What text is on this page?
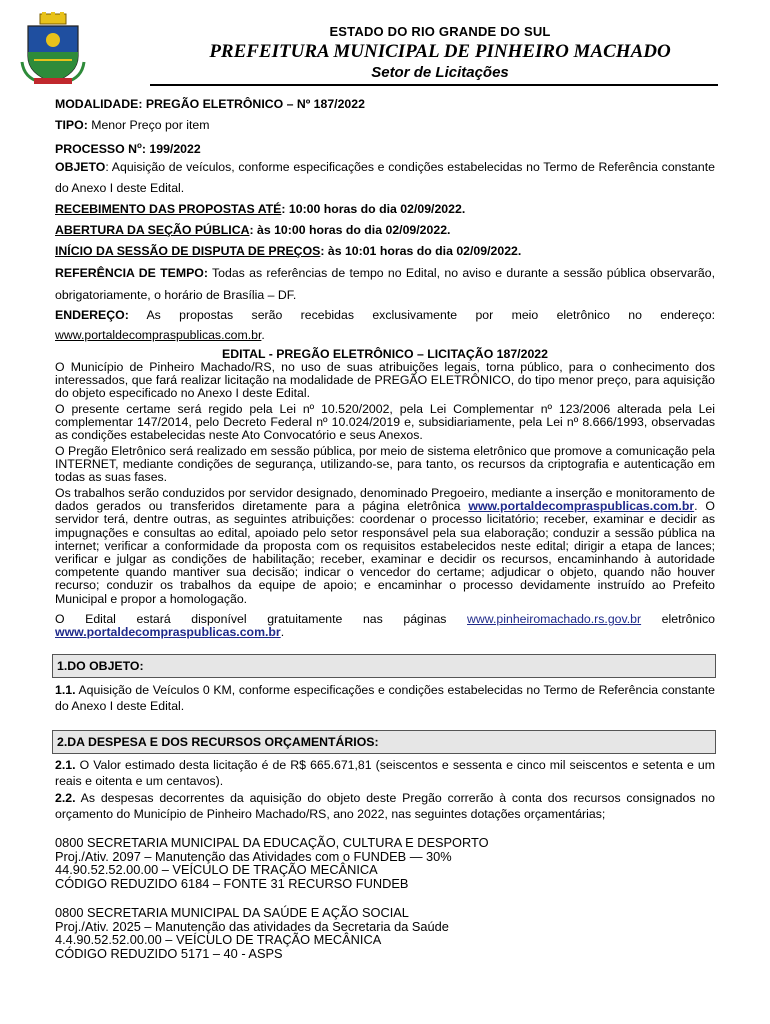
ESTADO DO RIO GRANDE DO SUL
PREFEITURA MUNICIPAL DE PINHEIRO MACHADO
Setor de Licitações
MODALIDADE: PREGÃO ELETRÔNICO – Nº 187/2022
TIPO: Menor Preço por item
PROCESSO $N^o$: 199/2022
OBJETO: Aquisição de veículos, conforme especificações e condições estabelecidas no Termo de Referência constante do Anexo I deste Edital.
RECEBIMENTO DAS PROPOSTAS ATÉ: 10:00 horas do dia 02/09/2022.
ABERTURA DA SEÇÃO PÚBLICA: às 10:00 horas do dia 02/09/2022.
INÍCIO DA SESSÃO DE DISPUTA DE PREÇOS: às 10:01 horas do dia 02/09/2022.
REFERÊNCIA DE TEMPO: Todas as referências de tempo no Edital, no aviso e durante a sessão pública observarão, obrigatoriamente, o horário de Brasília – DF.
ENDEREÇO: As propostas serão recebidas exclusivamente por meio eletrônico no endereço:
www.portaldecompraspublicas.com.br.
EDITAL - PREGÃO ELETRÔNICO – LICITAÇÃO 187/2022
O Município de Pinheiro Machado/RS, no uso de suas atribuições legais, torna público, para o conhecimento dos interessados, que fará realizar licitação na modalidade de PREGÃO ELETRÔNICO, do tipo menor preço, para aquisição do objeto especificado no Anexo I deste Edital.
O presente certame será regido pela Lei nº 10.520/2002, pela Lei Complementar nº 123/2006 alterada pela Lei complementar 147/2014, pelo Decreto Federal nº 10.024/2019 e, subsidiariamente, pela Lei nº 8.666/1993, observadas as condições estabelecidas neste Ato Convocatório e seus Anexos.
O Pregão Eletrônico será realizado em sessão pública, por meio de sistema eletrônico que promove a comunicação pela INTERNET, mediante condições de segurança, utilizando-se, para tanto, os recursos da criptografia e autenticação em todas as suas fases.
Os trabalhos serão conduzidos por servidor designado, denominado Pregoeiro, mediante a inserção e monitoramento de dados gerados ou transferidos diretamente para a página eletrônica www.portaldecompraspublicas.com.br. O servidor terá, dentre outras, as seguintes atribuições: coordenar o processo licitatório; receber, examinar e decidir as impugnações e consultas ao edital, apoiado pelo setor responsável pela sua elaboração; conduzir a sessão pública na internet; verificar a conformidade da proposta com os requisitos estabelecidos neste edital; dirigir a etapa de lances; verificar e julgar as condições de habilitação; receber, examinar e decidir os recursos, encaminhando à autoridade competente quando mantiver sua decisão; indicar o vencedor do certame; adjudicar o objeto, quando não houver recurso; conduzir os trabalhos da equipe de apoio; e encaminhar o processo devidamente instruído ao Prefeito Municipal e propor a homologação.
O Edital estará disponível gratuitamente nas páginas www.pinheiromachado.rs.gov.br eletrônico www.portaldecompraspublicas.com.br.
1.DO OBJETO:
1.1. Aquisição de Veículos 0 KM, conforme especificações e condições estabelecidas no Termo de Referência constante do Anexo I deste Edital.
2.DA DESPESA E DOS RECURSOS ORÇAMENTÁRIOS:
2.1. O Valor estimado desta licitação é de R$ 665.671,81 (seiscentos e sessenta e cinco mil seiscentos e setenta e um reais e oitenta e um centavos).
2.2. As despesas decorrentes da aquisição do objeto deste Pregão correrão à conta dos recursos consignados no orçamento do Município de Pinheiro Machado/RS, ano 2022, nas seguintes dotações orçamentárias;
0800 SECRETARIA MUNICIPAL DA EDUCAÇÃO, CULTURA E DESPORTO
Proj./Ativ. 2097 – Manutenção das Atividades com o FUNDEB — 30%
44.90.52.52.00.00 – VEÍCULO DE TRAÇÃO MECÂNICA
CÓDIGO REDUZIDO 6184 – FONTE 31 RECURSO FUNDEB
0800 SECRETARIA MUNICIPAL DA SAÚDE E AÇÃO SOCIAL
Proj./Ativ. 2025 – Manutenção das atividades da Secretaria da Saúde
4.4.90.52.52.00.00 – VEÍCULO DE TRAÇÃO MECÂNICA
CÓDIGO REDUZIDO 5171 – 40 - ASPS
